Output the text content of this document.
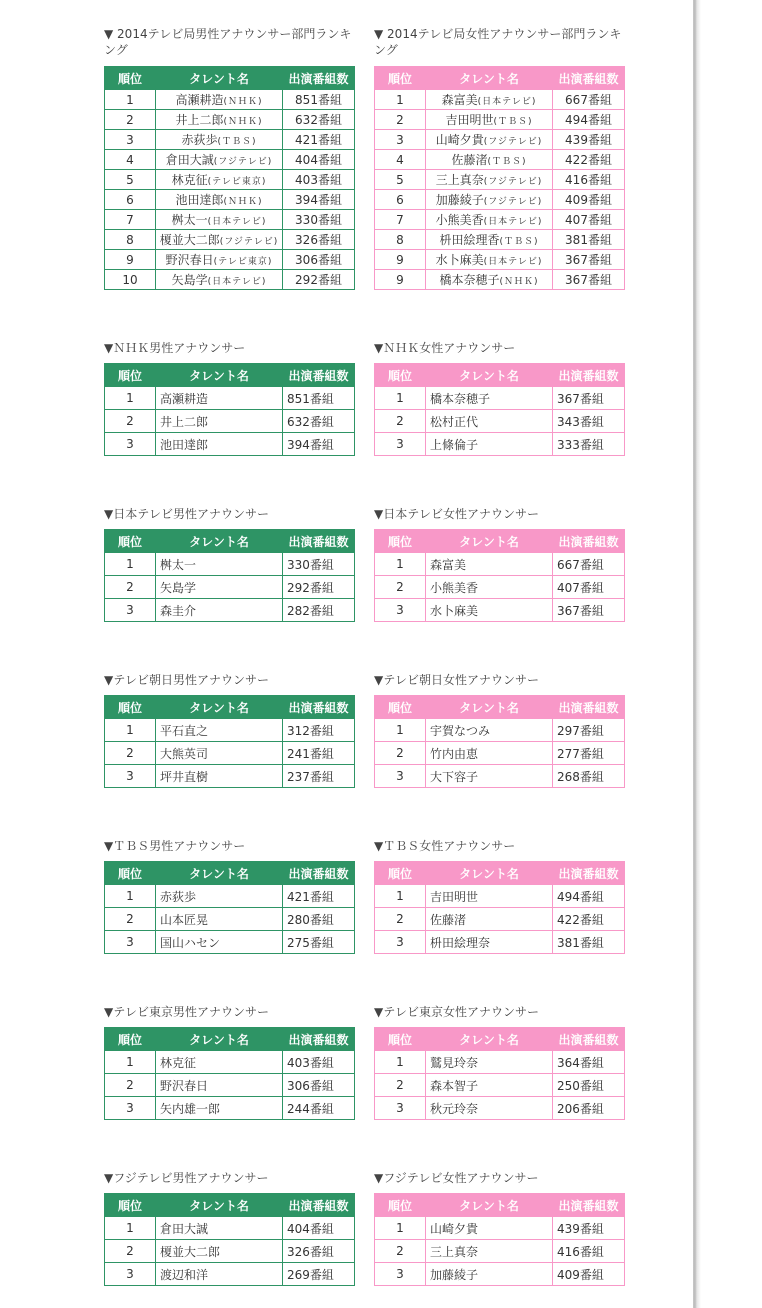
▼ 2014テレビ局男性アナウンサー部門ランキング
順位	タレント名	出演番組数
1	高瀬耕造(ＮＨＫ)	851番組
2	井上二郎(ＮＨＫ)	632番組
3	赤荻歩(ＴＢＳ)	421番組
4	倉田大誠(フジテレビ)	404番組
5	林克征(テレビ東京)	403番組
6	池田達郎(ＮＨＫ)	394番組
7	桝太一(日本テレビ)	330番組
8	榎並大二郎(フジテレビ)	326番組
9	野沢春日(テレビ東京)	306番組
10	矢島学(日本テレビ)	292番組
▼ 2014テレビ局女性アナウンサー部門ランキング
順位	タレント名	出演番組数
1	森富美(日本テレビ)	667番組
2	吉田明世(ＴＢＳ)	494番組
3	山崎夕貴(フジテレビ)	439番組
4	佐藤渚(ＴＢＳ)	422番組
5	三上真奈(フジテレビ)	416番組
6	加藤綾子(フジテレビ)	409番組
7	小熊美香(日本テレビ)	407番組
8	枡田絵理香(ＴＢＳ)	381番組
9	水卜麻美(日本テレビ)	367番組
9	橋本奈穂子(ＮＨＫ)	367番組
▼ＮＨＫ男性アナウンサー
順位	タレント名	出演番組数
1	高瀬耕造	851番組
2	井上二郎	632番組
3	池田達郎	394番組
▼ＮＨＫ女性アナウンサー
順位	タレント名	出演番組数
1	橋本奈穂子	367番組
2	松村正代	343番組
3	上條倫子	333番組
▼日本テレビ男性アナウンサー
順位	タレント名	出演番組数
1	桝太一	330番組
2	矢島学	292番組
3	森圭介	282番組
▼日本テレビ女性アナウンサー
順位	タレント名	出演番組数
1	森富美	667番組
2	小熊美香	407番組
3	水卜麻美	367番組
▼テレビ朝日男性アナウンサー
順位	タレント名	出演番組数
1	平石直之	312番組
2	大熊英司	241番組
3	坪井直樹	237番組
▼テレビ朝日女性アナウンサー
順位	タレント名	出演番組数
1	宇賀なつみ	297番組
2	竹内由恵	277番組
3	大下容子	268番組
▼ＴＢＳ男性アナウンサー
順位	タレント名	出演番組数
1	赤荻歩	421番組
2	山本匠晃	280番組
3	国山ハセン	275番組
▼ＴＢＳ女性アナウンサー
順位	タレント名	出演番組数
1	吉田明世	494番組
2	佐藤渚	422番組
3	枡田絵理奈	381番組
▼テレビ東京男性アナウンサー
順位	タレント名	出演番組数
1	林克征	403番組
2	野沢春日	306番組
3	矢内雄一郎	244番組
▼テレビ東京女性アナウンサー
順位	タレント名	出演番組数
1	鷲見玲奈	364番組
2	森本智子	250番組
3	秋元玲奈	206番組
▼フジテレビ男性アナウンサー
順位	タレント名	出演番組数
1	倉田大誠	404番組
2	榎並大二郎	326番組
3	渡辺和洋	269番組
▼フジテレビ女性アナウンサー
順位	タレント名	出演番組数
1	山崎夕貴	439番組
2	三上真奈	416番組
3	加藤綾子	409番組
